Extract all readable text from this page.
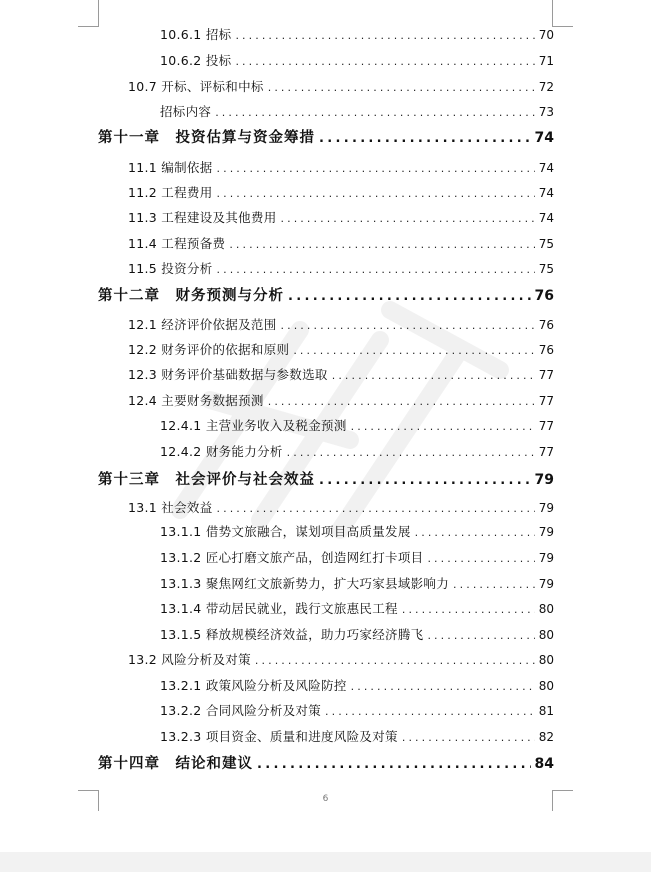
10.6.1 招标 .....	70
10.6.2 投标 .....	71
10.7 开标、评标和中标 .....	72
招标内容 .....	73
第十一章　投资估算与资金筹措 .....	74
11.1 编制依据 .....	74
11.2 工程费用 .....	74
11.3 工程建设及其他费用 .....	74
11.4 工程预备费 .....	75
11.5 投资分析 .....	75
第十二章　财务预测与分析 .....	76
12.1 经济评价依据及范围 .....	76
12.2 财务评价的依据和原则 .....	76
12.3 财务评价基础数据与参数选取 .....	77
12.4 主要财务数据预测 .....	77
12.4.1 主营业务收入及税金预测 .....	77
12.4.2 财务能力分析 .....	77
第十三章　社会评价与社会效益 .....	79
13.1 社会效益 .....	79
13.1.1 借势文旅融合，谋划项目高质量发展 .....	79
13.1.2 匠心打磨文旅产品，创造网红打卡项目 .....	79
13.1.3 聚焦网红文旅新势力，扩大巧家县域影响力 .....	79
13.1.4 带动居民就业，践行文旅惠民工程 .....	80
13.1.5 释放规模经济效益，助力巧家经济腾飞 .....	80
13.2 风险分析及对策 .....	80
13.2.1 政策风险分析及风险防控 .....	80
13.2.2 合同风险分析及对策 .....	81
13.2.3 项目资金、质量和进度风险及对策 .....	82
第十四章　结论和建议 .....	84
6
